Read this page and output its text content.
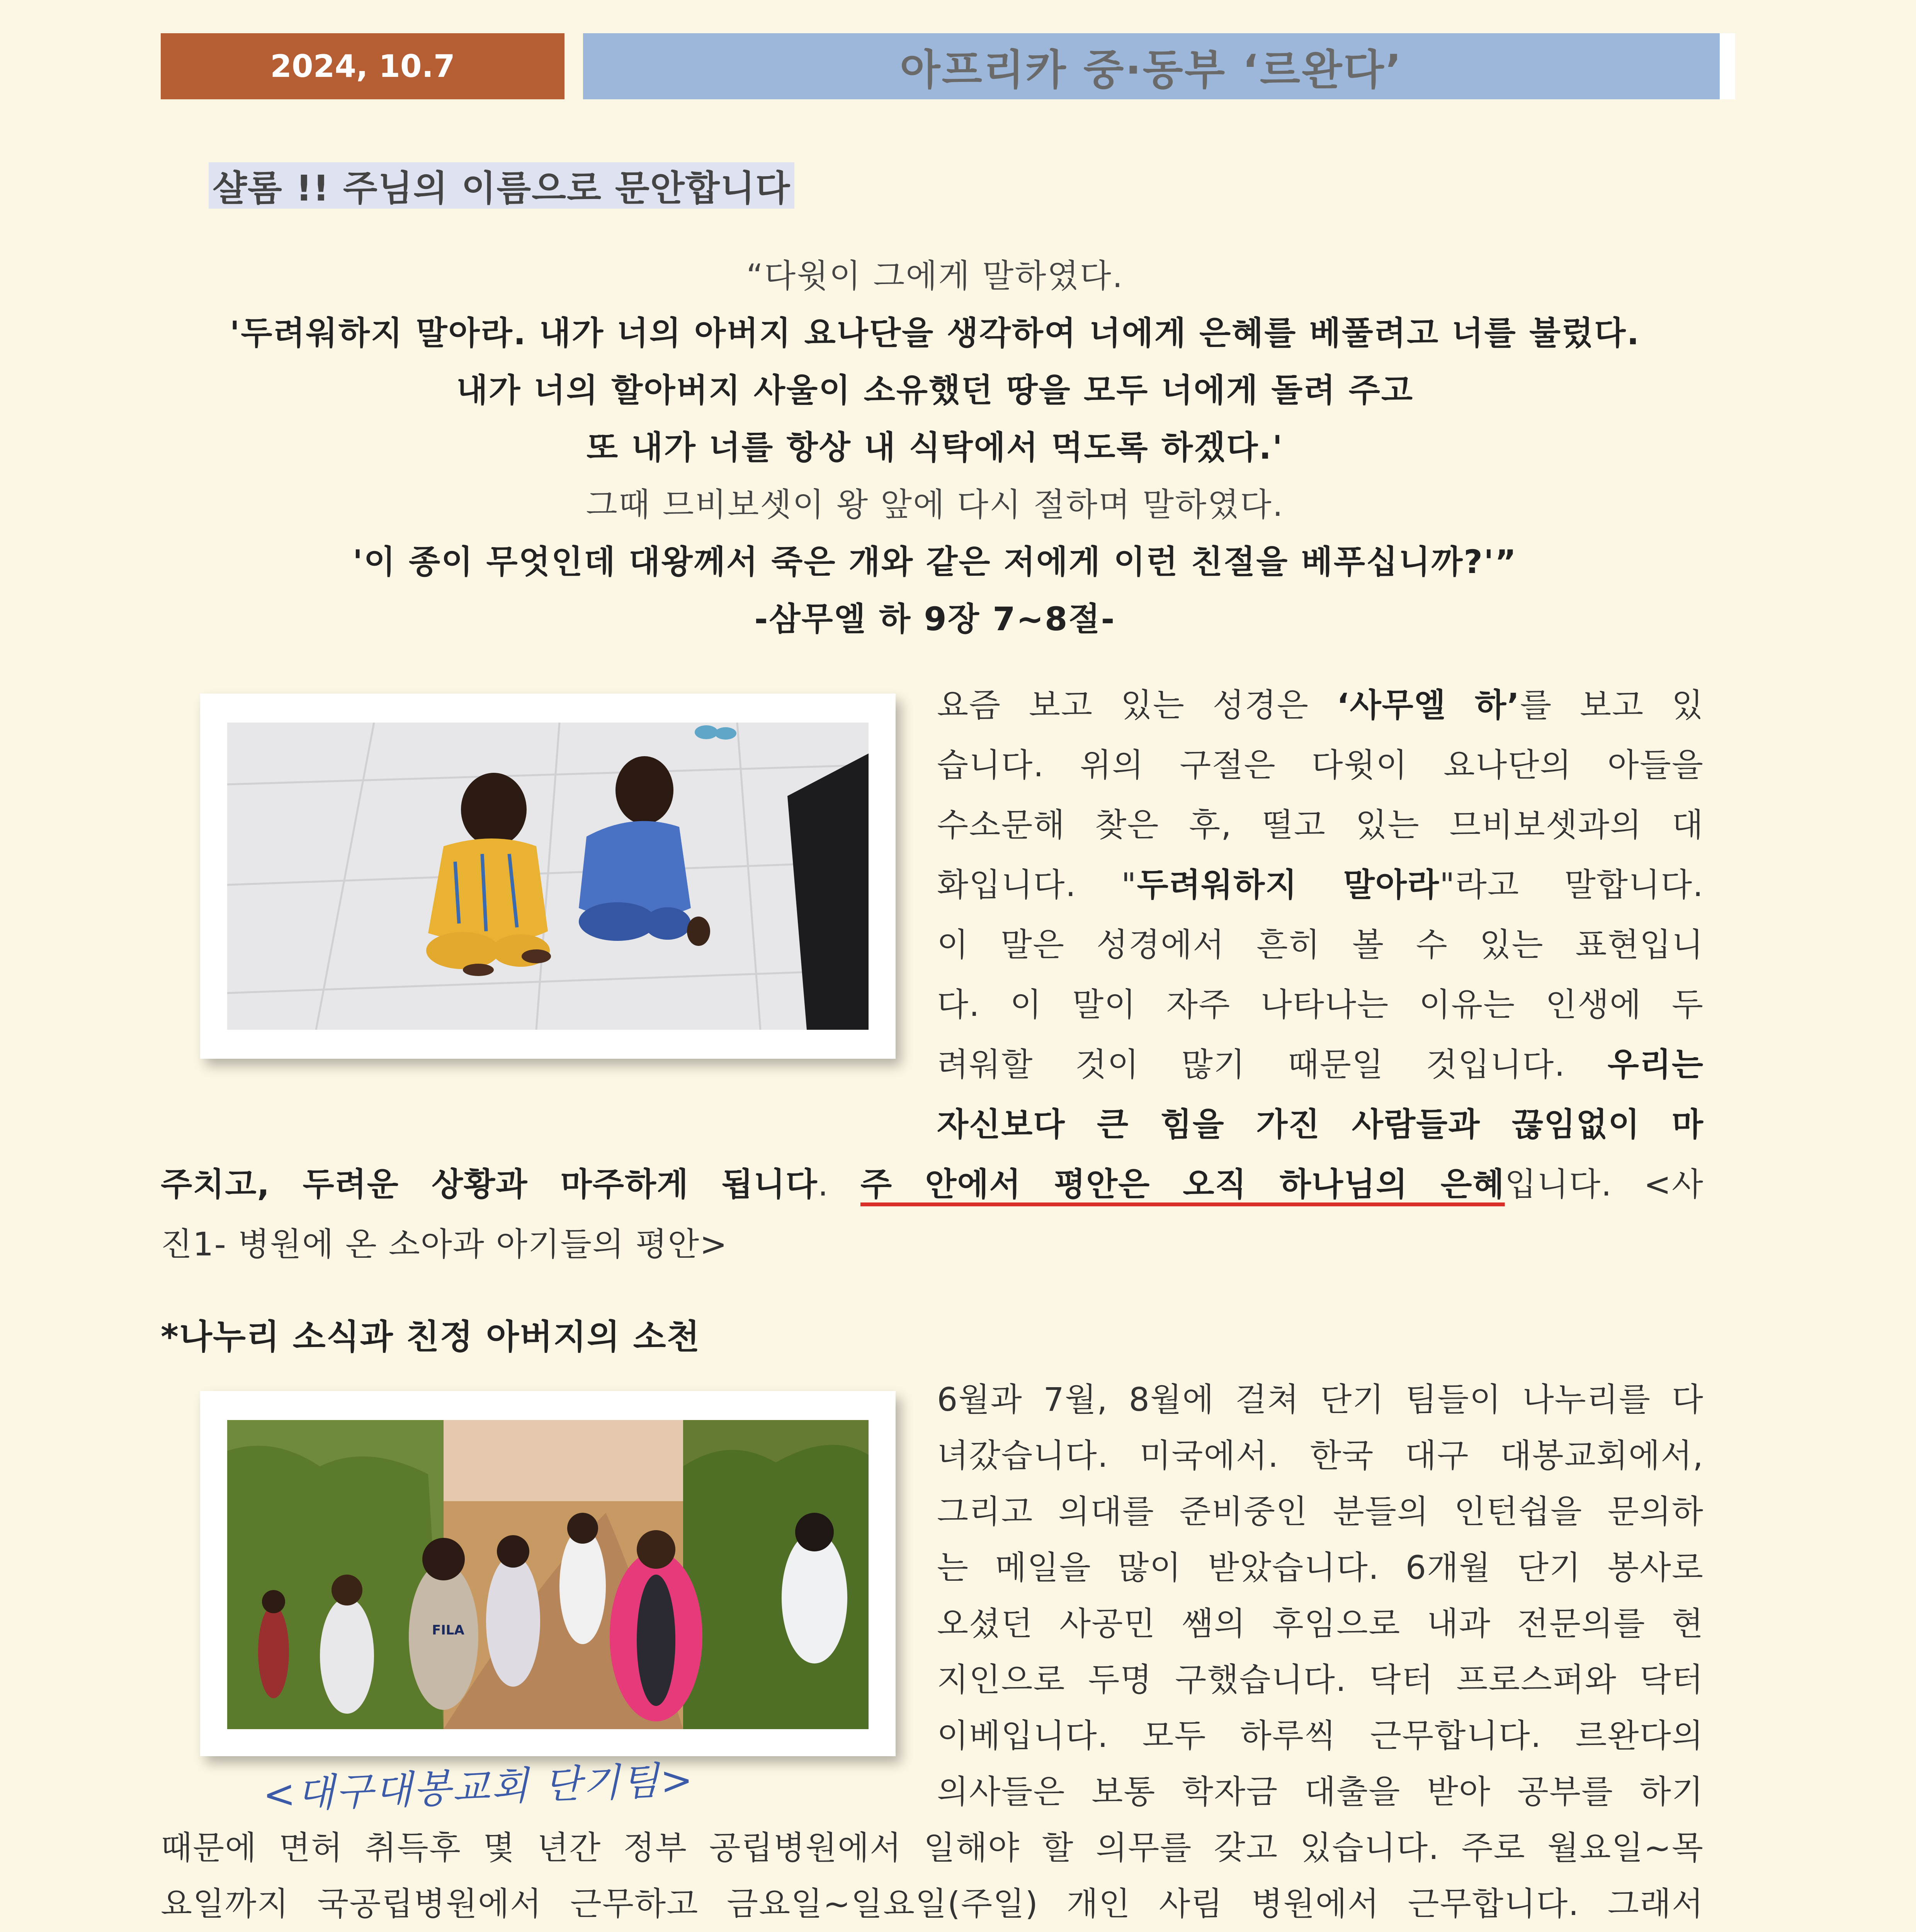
2024, 10.7	아프리카 중·동부 ‘르완다’
샬롬 !! 주님의 이름으로 문안합니다
“다윗이 그에게 말하였다.
'두려워하지 말아라. 내가 너의 아버지 요나단을 생각하여 너에게 은혜를 베풀려고 너를 불렀다.
내가 너의 할아버지 사울이 소유했던 땅을 모두 너에게 돌려 주고
또 내가 너를 항상 내 식탁에서 먹도록 하겠다.'
그때 므비보셋이 왕 앞에 다시 절하며 말하였다.
'이 종이 무엇인데 대왕께서 죽은 개와 같은 저에게 이런 친절을 베푸십니까?'”
-삼무엘 하 9장 7~8절-
요즘 보고 있는 성경은 ‘사무엘 하’를 보고 있
습니다. 위의 구절은 다윗이 요나단의 아들을
수소문해 찾은 후, 떨고 있는 므비보셋과의 대
화입니다. "두려워하지 말아라"라고 말합니다.
이 말은 성경에서 흔히 볼 수 있는 표현입니
다. 이 말이 자주 나타나는 이유는 인생에 두
려워할 것이 많기 때문일 것입니다. 우리는
자신보다 큰 힘을 가진 사람들과 끊임없이 마
주치고, 두려운 상황과 마주하게 됩니다. 주 안에서 평안은 오직 하나님의 은혜입니다. <사
진1- 병원에 온 소아과 아기들의 평안>
*나누리 소식과 친정 아버지의 소천
FILA
<대구대봉교회 단기팀>
6월과 7월, 8월에 걸쳐 단기 팀들이 나누리를 다
녀갔습니다. 미국에서. 한국 대구 대봉교회에서,
그리고 의대를 준비중인 분들의 인턴쉽을 문의하
는 메일을 많이 받았습니다. 6개월 단기 봉사로
오셨던 사공민 쌤의 후임으로 내과 전문의를 현
지인으로 두명 구했습니다. 닥터 프로스퍼와 닥터
이베입니다. 모두 하루씩 근무합니다. 르완다의
의사들은 보통 학자금 대출을 받아 공부를 하기
때문에 면허 취득후 몇 년간 정부 공립병원에서 일해야 할 의무를 갖고 있습니다. 주로 월요일~목
요일까지 국공립병원에서 근무하고 금요일~일요일(주일) 개인 사림 병원에서 근무합니다. 그래서
